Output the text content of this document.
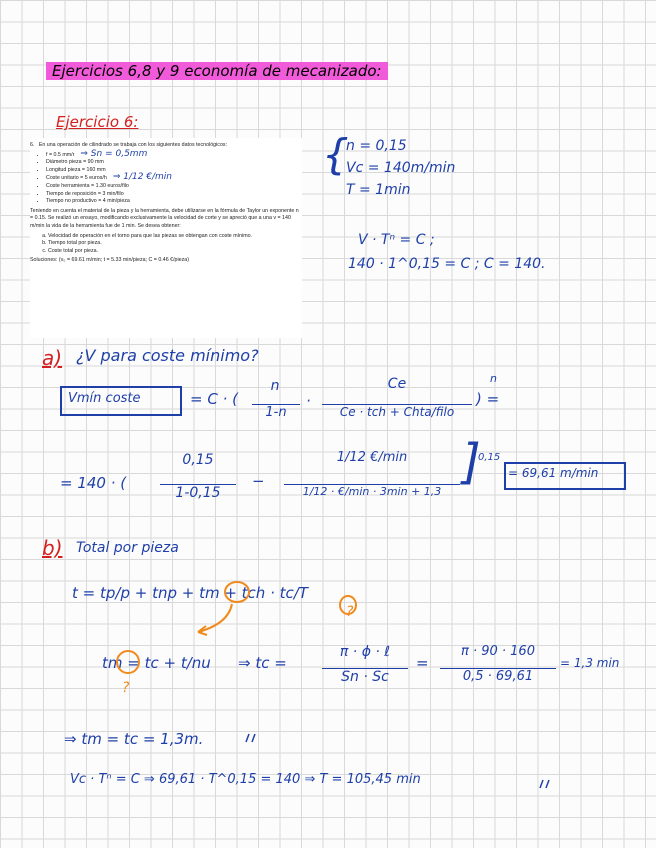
Ejercicios 6,8 y 9 economía de mecanizado:
Ejercicio 6:

6. En una operación de cilindrado se trabaja con los siguientes datos tecnológicos:

• f = 0.5 mm/r ⇒ Sn = 0,5mm
• Diámetro pieza = 90 mm
• Longitud pieza = 160 mm
• Coste unitario = 5 euros/h ⇒ 1/12 €/min
• Coste herramienta = 1.30 euros/filo
• Tiempo de reposición = 3 min/filo
• Tiempo no productivo = 4 min/pieza

Teniendo en cuenta el material de la pieza y la herramienta, debe utilizarse en la fórmula de Taylor un exponente n = 0.15. Se realizó un ensayo, modificando exclusivamente la velocidad de corte y se apreció que a una v = 140 m/min la vida de la herramienta fue de 1 min. Se desea obtener:

a. Velocidad de operación en el torno para que las piezas se obtengan con coste mínimo.
b. Tiempo total por pieza.
c. Coste total por pieza.

Soluciones: (v₀ = 69.61 m/min; t = 5.33 min/pieza; C = 0.46 €/pieza)

{
n = 0,15
Vc = 140m/min
T = 1min
V · Tⁿ = C ;
140 · 1^0,15 = C ; C = 140.
a) ¿V para coste mínimo?
Vmín coste	= C · (
n
1-n
·
Ce
Ce · tch + Chta/filo
) =
n
= 140 · (
0,15
1-0,15
−
1/12 €/min
1/12 · €/min · 3min + 1,3
]
0,15
= 69,61 m/min
b) Total por pieza
t = tp/p + tnp + tm + tch · tc/T
?
tm = tc + t/nu ⇒ tc =
π · ϕ · ℓ
Sn · Sc
=
π · 90 · 160
0,5 · 69,61
= 1,3 min
?
⇒ tm = tc = 1,3m.
Vc · Tⁿ = C ⇒ 69,61 · T^0,15 = 140 ⇒ T = 105,45 min
